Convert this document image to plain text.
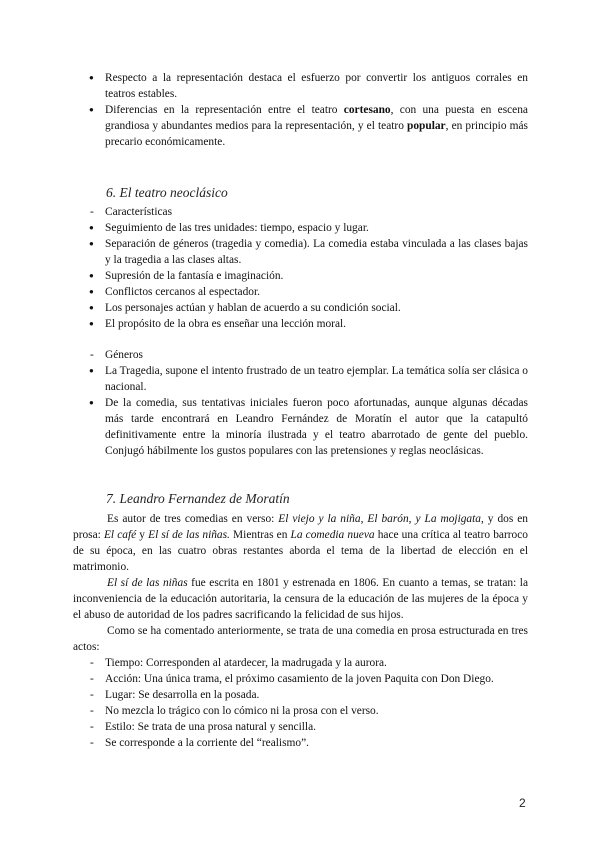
● Respecto a la representación destaca el esfuerzo por convertir los antiguos corrales en teatros estables.
● Diferencias en la representación entre el teatro cortesano, con una puesta en escena grandiosa y abundantes medios para la representación, y el teatro popular, en principio más precario económicamente.
6. El teatro neoclásico
- Características
● Seguimiento de las tres unidades: tiempo, espacio y lugar.
● Separación de géneros (tragedia y comedia). La comedia estaba vinculada a las clases bajas y la tragedia a las clases altas.
● Supresión de la fantasía e imaginación.
● Conflictos cercanos al espectador.
● Los personajes actúan y hablan de acuerdo a su condición social.
● El propósito de la obra es enseñar una lección moral.
- Géneros
● La Tragedia, supone el intento frustrado de un teatro ejemplar. La temática solía ser clásica o nacional.
● De la comedia, sus tentativas iniciales fueron poco afortunadas, aunque algunas décadas más tarde encontrará en Leandro Fernández de Moratín el autor que la catapultó definitivamente entre la minoría ilustrada y el teatro abarrotado de gente del pueblo. Conjugó hábilmente los gustos populares con las pretensiones y reglas neoclásicas.
7. Leandro Fernandez de Moratín
Es autor de tres comedias en verso: El viejo y la niña, El barón, y La mojigata, y dos en prosa: El café y El sí de las niñas. Mientras en La comedia nueva hace una crítica al teatro barroco de su época, en las cuatro obras restantes aborda el tema de la libertad de elección en el matrimonio.
El sí de las niñas fue escrita en 1801 y estrenada en 1806. En cuanto a temas, se tratan: la inconveniencia de la educación autoritaria, la censura de la educación de las mujeres de la época y el abuso de autoridad de los padres sacrificando la felicidad de sus hijos.
Como se ha comentado anteriormente, se trata de una comedia en prosa estructurada en tres actos:
- Tiempo: Corresponden al atardecer, la madrugada y la aurora.
- Acción: Una única trama, el próximo casamiento de la joven Paquita con Don Diego.
- Lugar: Se desarrolla en la posada.
- No mezcla lo trágico con lo cómico ni la prosa con el verso.
- Estilo: Se trata de una prosa natural y sencilla.
- Se corresponde a la corriente del “realismo”.
2
